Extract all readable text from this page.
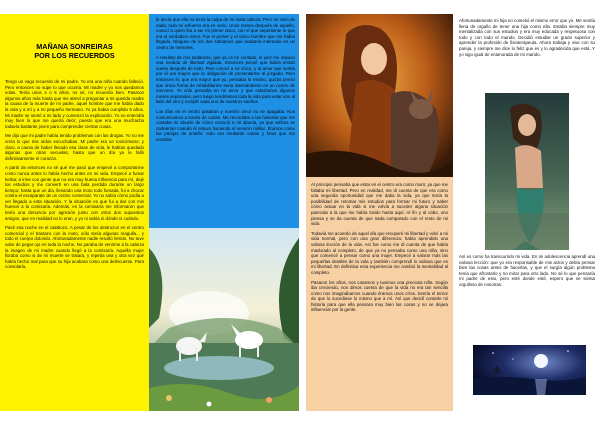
MAÑANA SONREIRAS
POR LOS RECUERDOS

Tengo un vago recuerdo de mi padre. Yo era una niña cuando falleció. Pero entonces no supe lo que ocurría. Mi madre y yo nos quedamos solas. Tenía unos 4 o 5 años, no sé, no recuerdo bien. Pasaron algunos años más hasta que me atreví a preguntar a mi querida madre la causa de la muerte de mi padre, aquel hombre que me había dado la vida y a mí y a mi pequeño hermano. Yo ya había cumplido 9 años. Mi madre se sentó a mi lado y comenzó la explicación. Yo no entendía muy bien lo que me quería decir, puesto que era una muchacha todavía bastante joven para comprender ciertas cosas.

Me dijo que mi padre había tenido problemas con las drogas. Yo no me creía lo que mis oídos escuchaban. Mi padre era un toxicómano; y claro, a causa de haber llevado esa clase de vida, le habían quedado algunas que otras secuelas, hasta que un día ya le falló definitivamente el corazón.

A partir de entonces no sé qué me pasó que empecé a comportarme como nunca antes lo había hecho antes en mi vida. Empecé a fumar tierba; a irme con gente que no era muy buena influencia para mí, dejé los estudios y me convertí en una bala perdida durante un largo tiempo; hasta que un día, llevando una moto todo fumada, fui a chocar contra el escaparate de un centro comercial. Yo no sabía cómo podía a ver llegado a esta situación. Y la situación es que fui a dar con mis huesos a la comisaría. Además, en la comisaría me informaron que tenía una denuncia por agresión junto con otros dos supuestos amigos, que en realidad no lo eran, y yo ni sabía ni dónde ni cuándo.

Pasé esa noche en el calabozo. A pesar de los destrozos en el centro comercial y el trastazo con la moto, sólo tenía algunas magulla... y todo el cuerpo dolorido. Afortunadamente nadie resultó herido. No tuve valor de pegar ojo en toda la noche. No paraba de venirme a la cabeza la imagen de mi madre cuando llegó a la comisaría. Aquella mujer lloraba como si de mi muerte se tratara, y repetía una y otra vez qué había hecho mal para que su hija acabara como una delincuente. Para consolarla,

le decía que ella no tenía la culpa de mi mala cabeza. Pero mi simó de nada, todo mi esfuerzo era en vano. Unos meses después de aquello, conocí a quien iba a ser mi primer amor, con el que sepertiente lo que era el verdadero amor. Fue el primer y el único hombre que me había llegado. Ninguno de los dos sabíamos que acabaría internado en un centro de menores.

A resultas de mis andanzas, que ya os he contado, el juez me impuso una medida de libertad vigilada. Entonces pensé que había tenido suerte después de todo. Pero conocí a mi chico, y al amor que sentía por él era mayor que la obligación de presentarme al juzgado. Pero entonces él, que era mayor que yo, pensaba lo mismo, quizás pensó que única forma de rehabilitarme sería internándome en un centro de menores. Yo sólo pensaba en mi amor y que estaríamos algunos meses separados, pero luego tendríamos toda la vida para estar uno al lado del otro y cumplir cada uno de nuestros sueños.

Los días en el centro pasaban y nuestro amor no se apagaba. Nos comunicamos a través de cartas. Me recordaba a las historias que me contaba mi abuelo de cómo conoció a mi abuela, ya que ambos se cartearían cuando él estuvo haciendo el servicio militar. Éramos como las parejas de antaño: todo era mediante cartas y fotos que me enviaba.

Al principio pensaba que estar en el centro era como morir, ya que me faltaba mi libertad. Pero en realidad, me di cuenta de que era como una segunda oportunidad que me daba la vida, ya que tenía la posibilidad de retomar mis estudios para formar mi futuro y saber cómo actuar en la vida si me volvía a suceder alguna situación parecida a la que me había traído hasta aquí. Al fin y al cabo, uno piensa y se da cuenta de que nada comparado con el resto de mi vida.

Todavía me acuerdo de aquel día que recuperé mi libertad y volví a mi vida normal, pero con una gran diferencia: había aprendido una valiosa lección de la vida. Así fue como me di cuenta de que había madurado al completo, de que ya no pensaba como una niña, sino que comencé a pensar como una mujer. Empecé a valorar más las pequeñas detalles de la vida y también comprendí lo valiosa que es mi libertad. En definitiva esta experiencia me cambió la mentalidad al completo.

Pasaron los años, nos casamos y tuvimos una preciosa niña. Según iba creciendo, nos dimos cuenta de que la vida no era tan sencilla como nos imaginábamos cuando éramos unos críos. Sentía el temor de que lo sucediese lo mismo que a mí. Así que decidí contarle mi historia para que ella pensara muy bien las cosas y no se dejara influenciar por la gente.

Afortunadamente mi hija no cometió el mismo error que yo. Me sentía llena de orgullo de tener una hija como ella. Estaba siempre muy mentalizada con sus estudios y era muy educada y respetuosa con todo y con todo el mundo. Decidió estudiar un grado superior y aprender la profesión de fisioterapeuta. Ahora trabaja y vive con su pareja, y siempre me dice lo feliz que es y lo agradecida que está. Y yo sigo igual de enamorada de mi marido.

Así es como ha transcurrido mi vida. En mi adolescencia aprendí una valiosa lección: que yo era responsable de mis actos y debía pensar bien las cosas antes de hacerlas, y que el surgía algún problema tenía que afrontarlo y no mirar para otro lado. No sé lo que pensaría mi padre de esto, pero esté donde esté, espero que se sienta orgulloso de nosotras.
